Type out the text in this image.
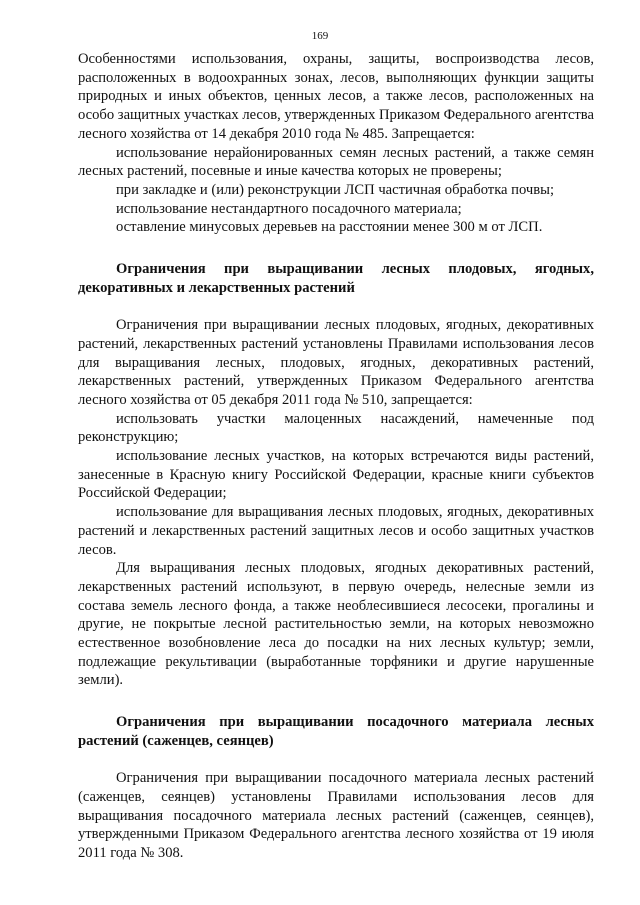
169

Особенностями использования, охраны, защиты, воспроизводства лесов, расположенных в водоохранных зонах, лесов, выполняющих функции защиты природных и иных объектов, ценных лесов, а также лесов, расположенных на особо защитных участках лесов, утвержденных Приказом Федерального агентства лесного хозяйства от 14 декабря 2010 года № 485. Запрещается:

использование нерайонированных семян лесных растений, а также семян лесных растений, посевные и иные качества которых не проверены;

при закладке и (или) реконструкции ЛСП частичная обработка почвы;

использование нестандартного посадочного материала;

оставление минусовых деревьев на расстоянии менее 300 м от ЛСП.

Ограничения при выращивании лесных плодовых, ягодных, декоративных и лекарственных растений

Ограничения при выращивании лесных плодовых, ягодных, декоративных растений, лекарственных растений установлены Правилами использования лесов для выращивания лесных, плодовых, ягодных, декоративных растений, лекарственных растений, утвержденных Приказом Федерального агентства лесного хозяйства от 05 декабря 2011 года № 510, запрещается:

использовать участки малоценных насаждений, намеченные под реконструкцию;

использование лесных участков, на которых встречаются виды растений, занесенные в Красную книгу Российской Федерации, красные книги субъектов Российской Федерации;

использование для выращивания лесных плодовых, ягодных, декоративных растений и лекарственных растений защитных лесов и особо защитных участков лесов.

Для выращивания лесных плодовых, ягодных декоративных растений, лекарственных растений используют, в первую очередь, нелесные земли из состава земель лесного фонда, а также необлесившиеся лесосеки, прогалины и другие, не покрытые лесной растительностью земли, на которых невозможно естественное возобновление леса до посадки на них лесных культур; земли, подлежащие рекультивации (выработанные торфяники и другие нарушенные земли).

Ограничения при выращивании посадочного материала лесных растений (саженцев, сеянцев)

Ограничения при выращивании посадочного материала лесных растений (саженцев, сеянцев) установлены Правилами использования лесов для выращивания посадочного материала лесных растений (саженцев, сеянцев), утвержденными Приказом Федерального агентства лесного хозяйства от 19 июля 2011 года № 308.
